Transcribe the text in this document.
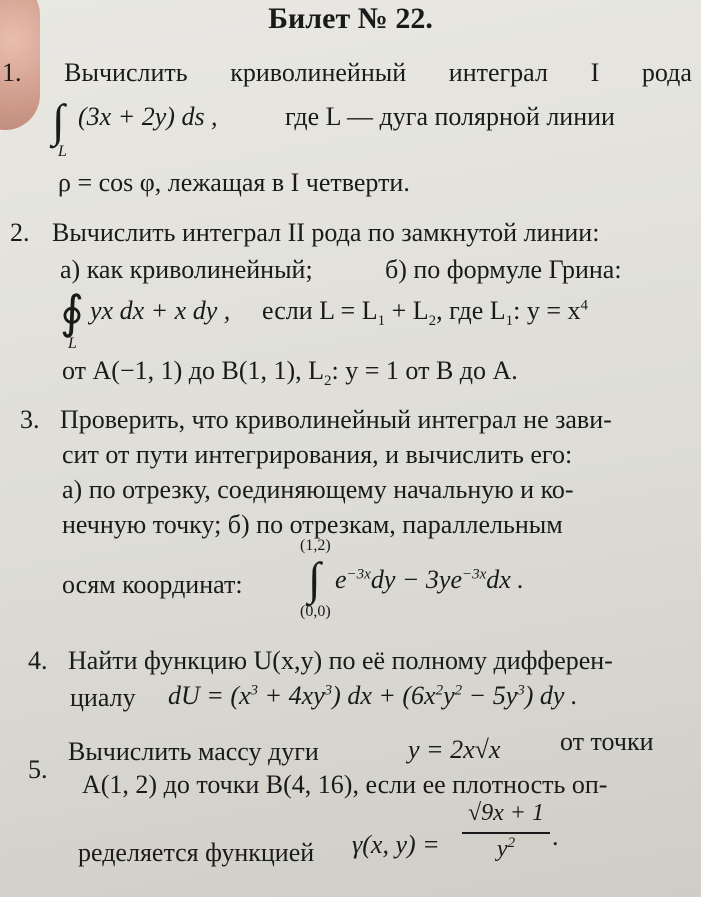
Билет № 22.
1. Вычислить криволинейный интеграл I рода
∫
L
(3x + 2y) ds ,	где L — дуга полярной линии
ρ = cos φ, лежащая в I четверти.
2. Вычислить интеграл II рода по замкнутой линии:
а) как криволинейный;	б) по формуле Грина:
∮
L
yx dx + x dy , если $L = L_1 + L_2$, где $L_1$: $y = x^4$
от A(−1, 1) до B(1, 1), $L_2$: y = 1 от B до A.
3. Проверить, что криволинейный интеграл не зави-
сит от пути интегрирования, и вычислить его:
а) по отрезку, соединяющему начальную и ко-
нечную точку; б) по отрезкам, параллельным
осям координат:
(1,2)
∫
(0,0)
$e^{-3x}dy - 3ye^{-3x}dx$ .
4. Найти функцию U(x,y) по её полному дифферен-
циалу dU = $(x^3 + 4xy^3)$ dx + $(6x^2y^2 - 5y^3)$ dy .
5.
Вычислить массу дуги	y = 2x√x от точки
A(1, 2) до точки B(4, 16), если ее плотность оп-
ределяется функцией γ(x, y) =
√9x + 1
$y^2$	.
